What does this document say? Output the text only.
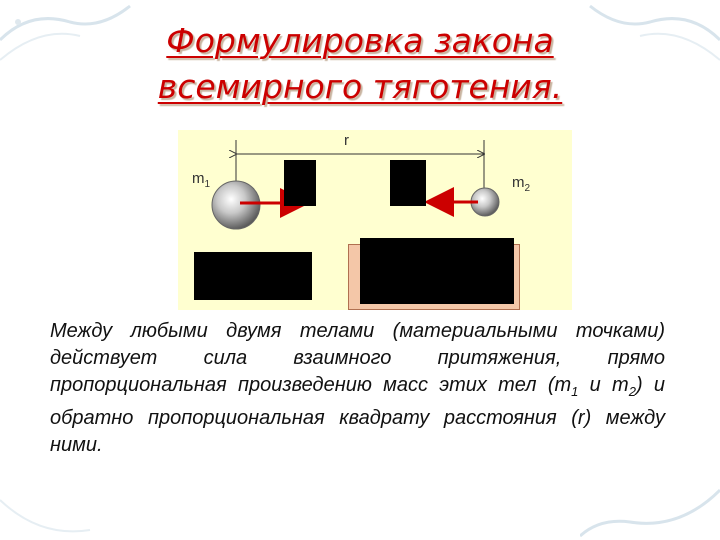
Формулировка закона
всемирного тяготения.
r
$m_1$	$m_2$
Между любыми двумя телами (материальными точками) действует сила взаимного притяжения, прямо пропорциональная произведению масс этих тел ($m_1$ и $m_2$) и обратно пропорциональная квадрату расстояния (r) между ними.
